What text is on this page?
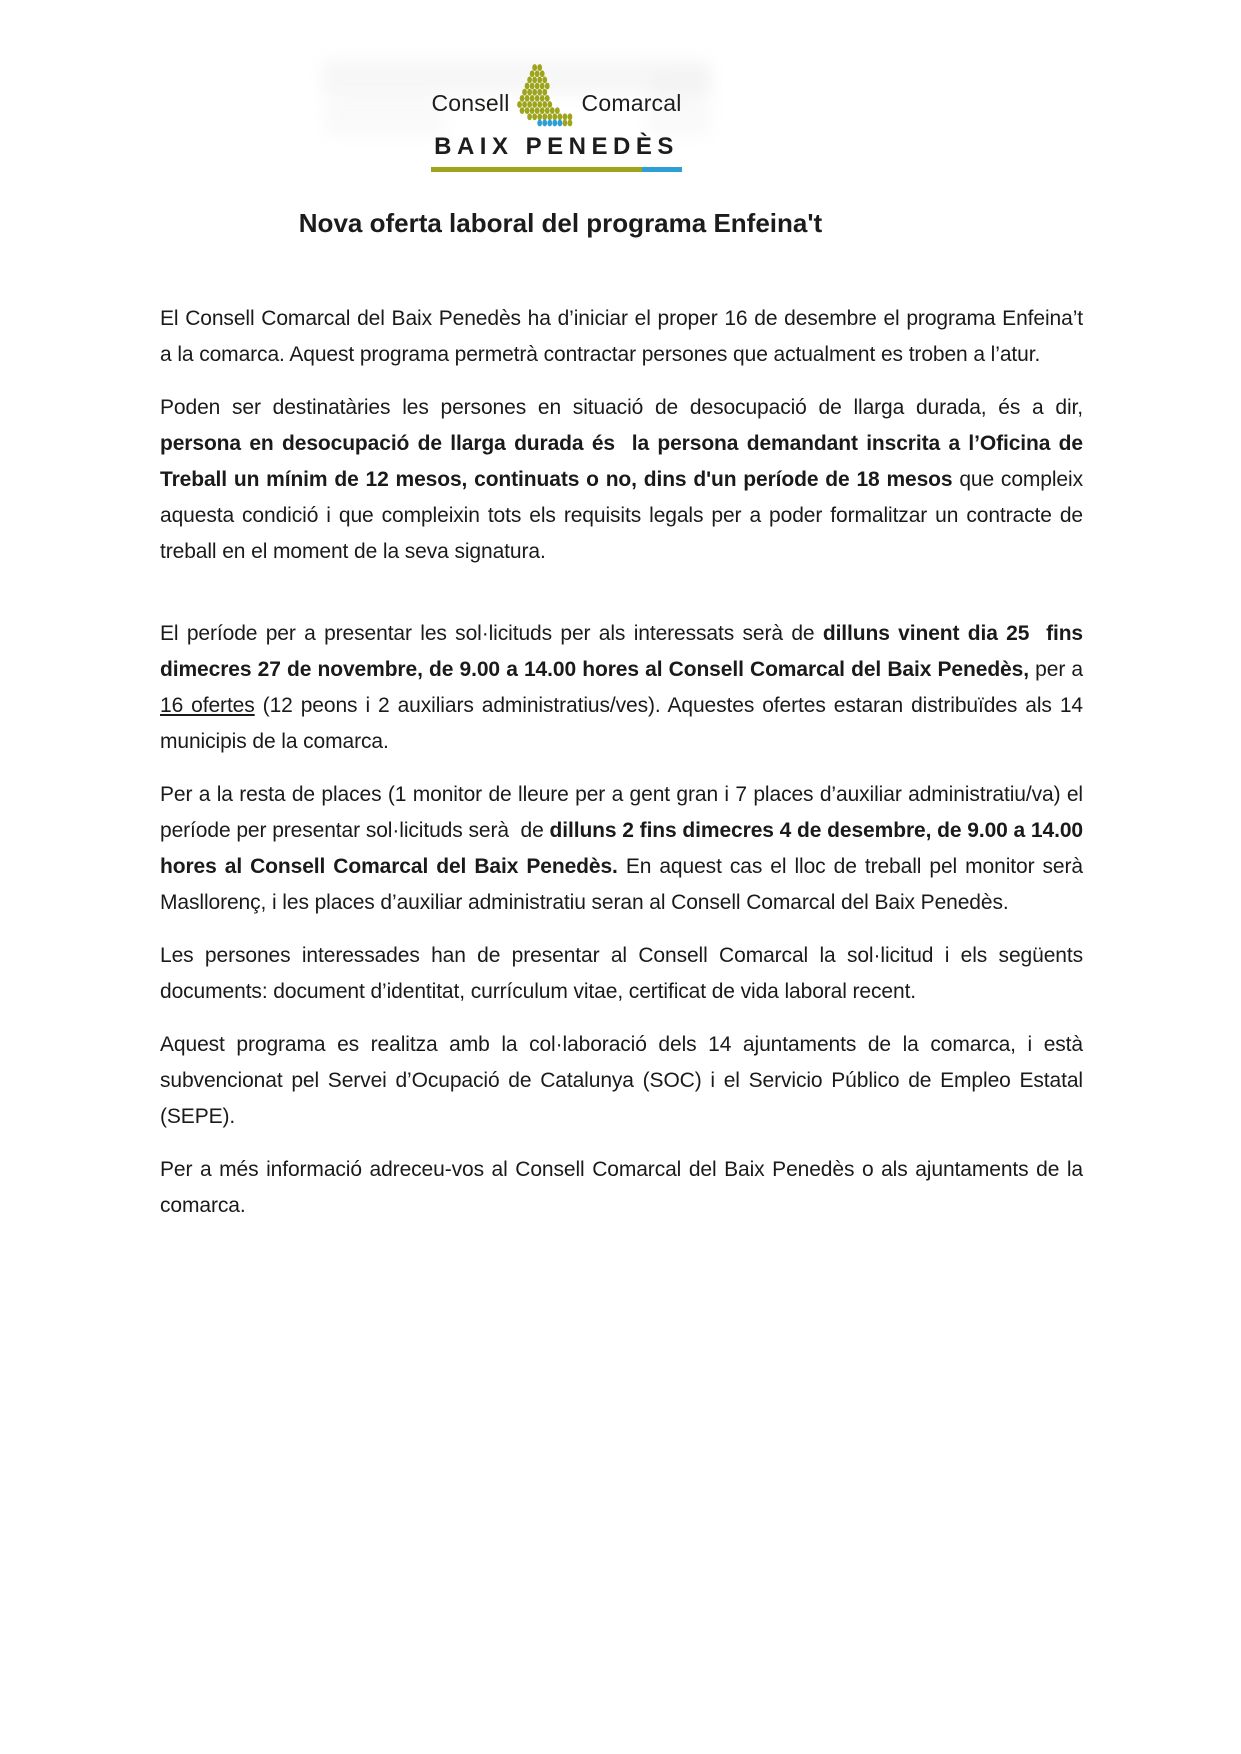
Consell	Comarcal
BAIX PENEDÈS
Nova oferta laboral del programa Enfeina't

El Consell Comarcal del Baix Penedès ha d’iniciar el proper 16 de desembre el programa Enfeina’t a la comarca. Aquest programa permetrà contractar persones que actualment es troben a l’atur.

Poden ser destinatàries les persones en situació de desocupació de llarga durada, és a dir, persona en desocupació de llarga durada és  la persona demandant inscrita a l’Oficina de Treball un mínim de 12 mesos, continuats o no, dins d'un període de 18 mesos que compleix aquesta condició i que compleixin tots els requisits legals per a poder formalitzar un contracte de treball en el moment de la seva signatura.

El període per a presentar les sol·licituds per als interessats serà de dilluns vinent dia 25  fins dimecres 27 de novembre, de 9.00 a 14.00 hores al Consell Comarcal del Baix Penedès, per a 16 ofertes (12 peons i 2 auxiliars administratius/ves). Aquestes ofertes estaran distribuïdes als 14 municipis de la comarca.

Per a la resta de places (1 monitor de lleure per a gent gran i 7 places d’auxiliar administratiu/va) el període per presentar sol·licituds serà  de dilluns 2 fins dimecres 4 de desembre, de 9.00 a 14.00 hores al Consell Comarcal del Baix Penedès. En aquest cas el lloc de treball pel monitor serà Masllorenç, i les places d’auxiliar administratiu seran al Consell Comarcal del Baix Penedès.

Les persones interessades han de presentar al Consell Comarcal la sol·licitud i els següents documents: document d’identitat, currículum vitae, certificat de vida laboral recent.

Aquest programa es realitza amb la col·laboració dels 14 ajuntaments de la comarca, i està subvencionat pel Servei d’Ocupació de Catalunya (SOC) i el Servicio Público de Empleo Estatal (SEPE).

Per a més informació adreceu-vos al Consell Comarcal del Baix Penedès o als ajuntaments de la comarca.
